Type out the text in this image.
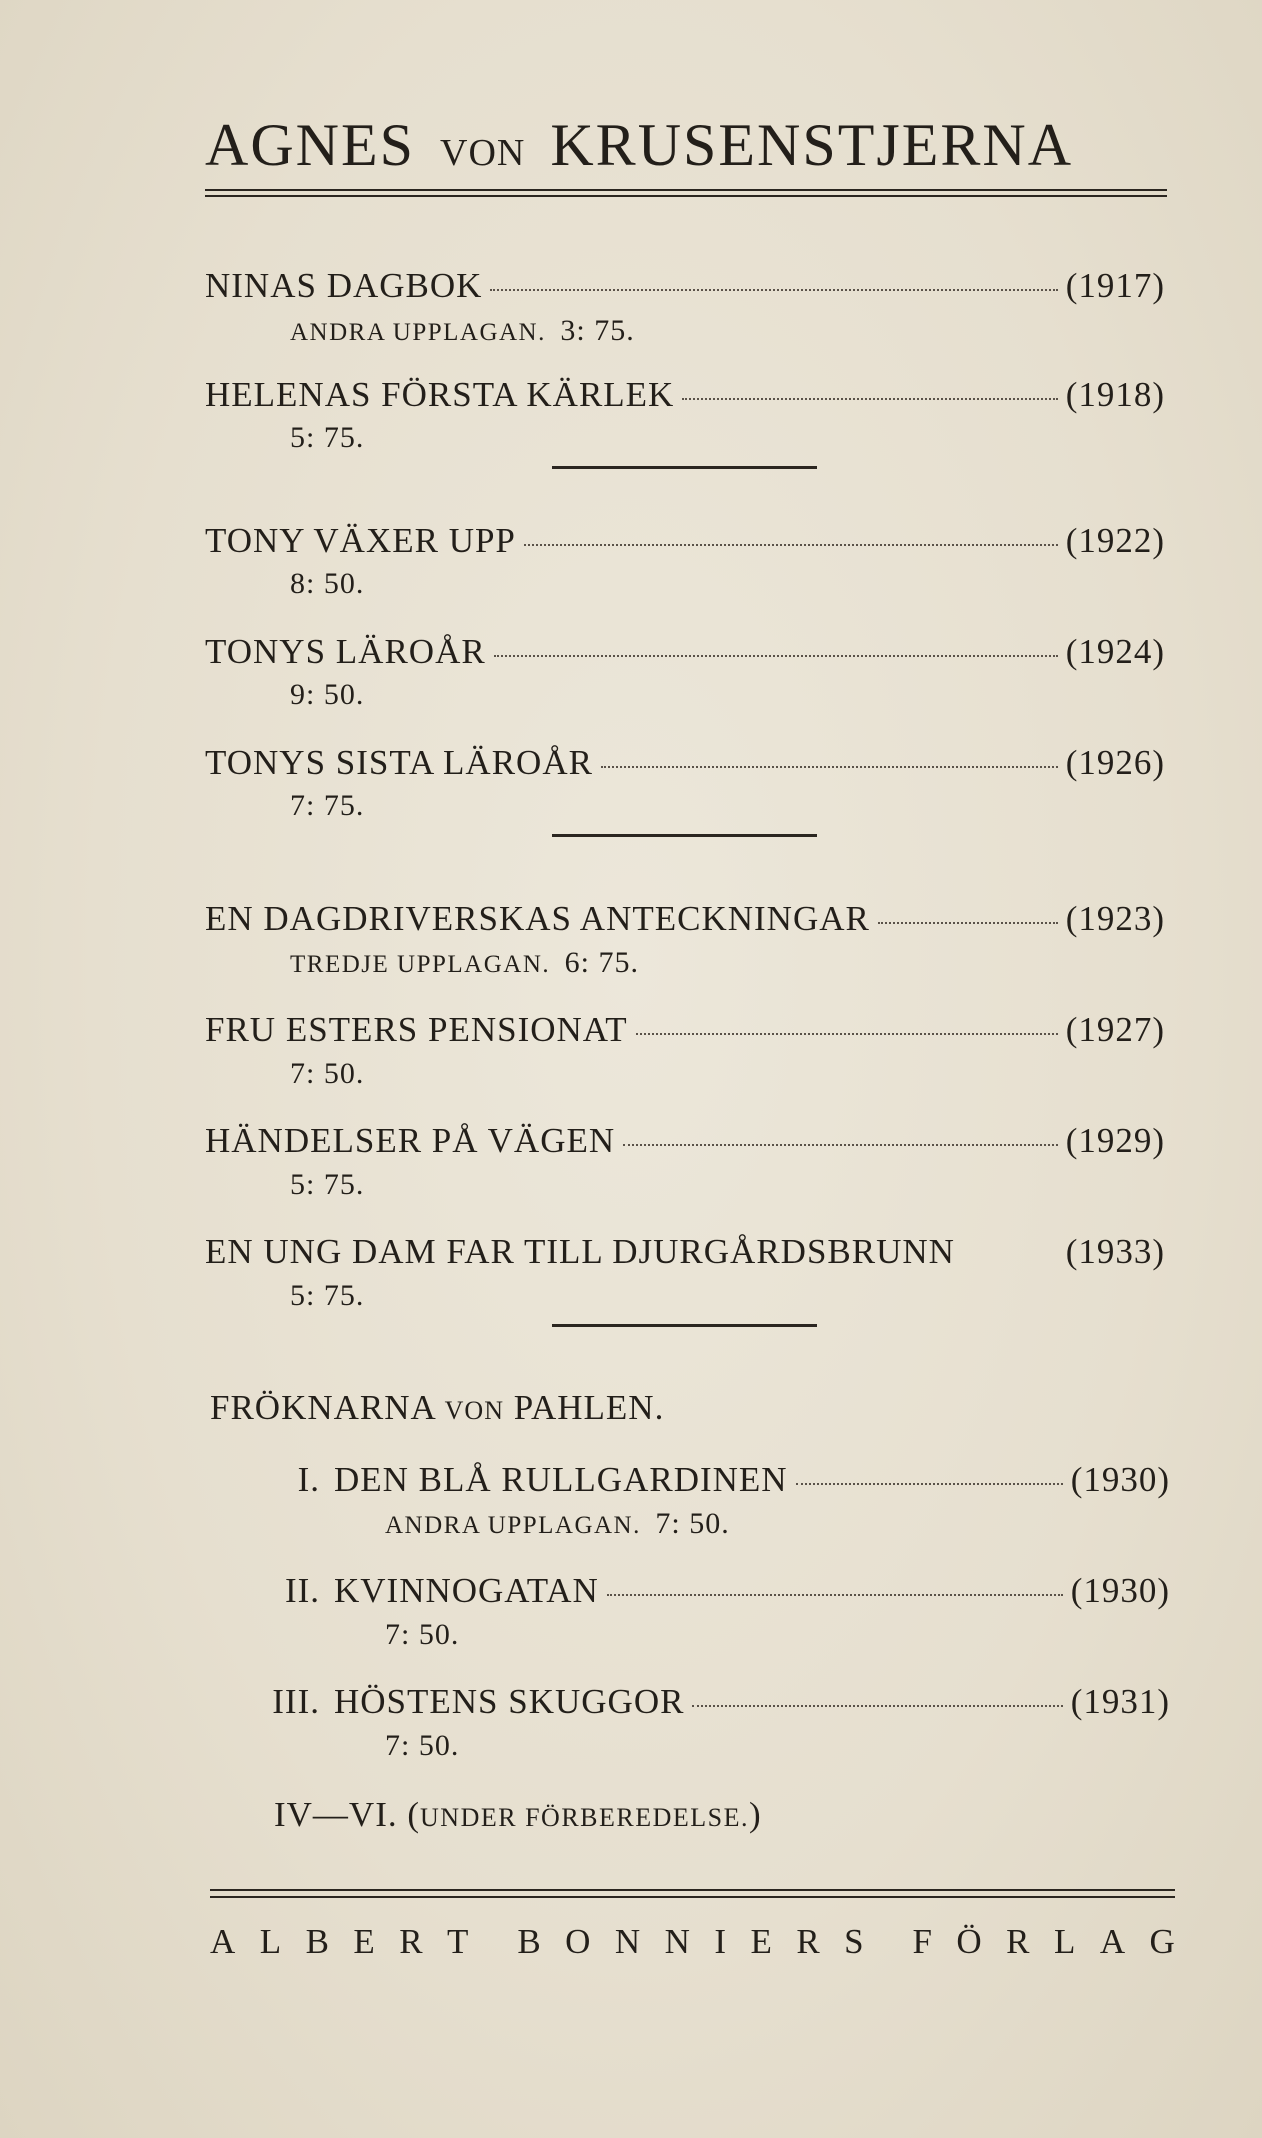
AGNES VON KRUSENSTJERNA
NINAS DAGBOK	(1917)
ANDRA UPPLAGAN. 3: 75.
HELENAS FÖRSTA KÄRLEK	(1918)
5: 75.
TONY VÄXER UPP	(1922)
8: 50.
TONYS LÄROÅR	(1924)
9: 50.
TONYS SISTA LÄROÅR	(1926)
7: 75.
EN DAGDRIVERSKAS ANTECKNINGAR	(1923)
TREDJE UPPLAGAN. 6: 75.
FRU ESTERS PENSIONAT	(1927)
7: 50.
HÄNDELSER PÅ VÄGEN	(1929)
5: 75.
EN UNG DAM FAR TILL DJURGÅRDSBRUNN	(1933)
5: 75.
FRÖKNARNA VON PAHLEN.
I. DEN BLÅ RULLGARDINEN	(1930)
ANDRA UPPLAGAN. 7: 50.
II. KVINNOGATAN	(1930)
7: 50.
III. HÖSTENS SKUGGOR	(1931)
7: 50.
IV—VI. (UNDER FÖRBEREDELSE.)
A L B E R T B O N N I E R S F Ö R L A G
